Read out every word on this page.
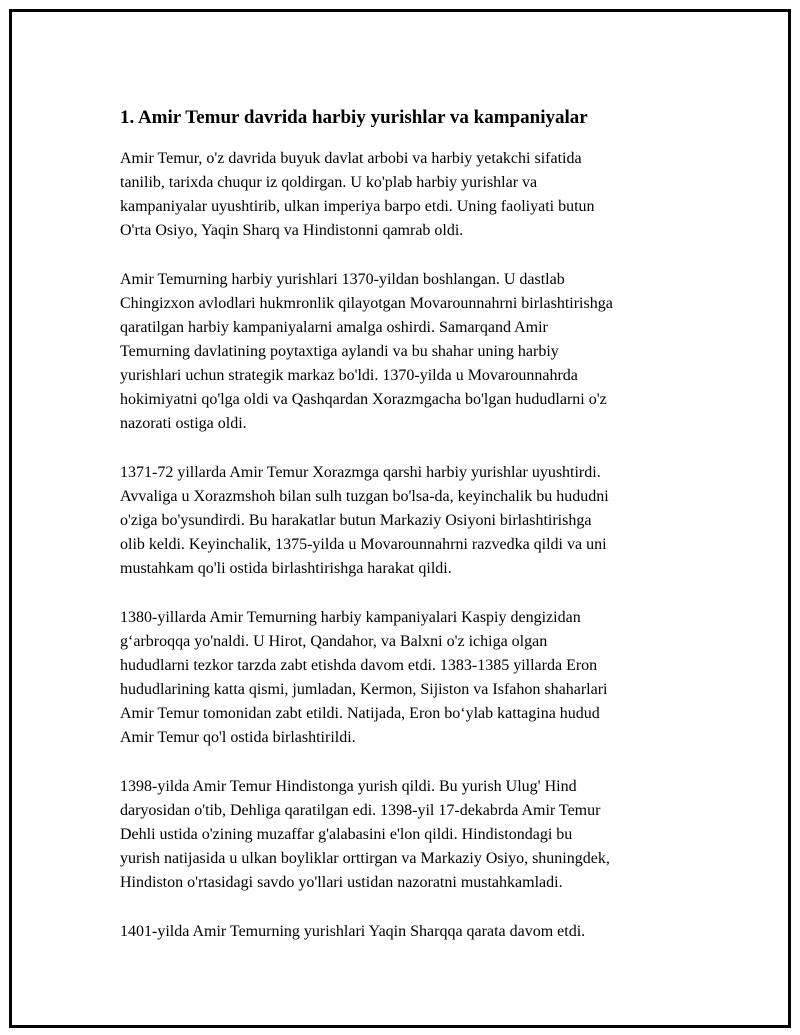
1. Amir Temur davrida harbiy yurishlar va kampaniyalar
Amir Temur, o'z davrida buyuk davlat arbobi va harbiy yetakchi sifatida
tanilib, tarixda chuqur iz qoldirgan. U ko'plab harbiy yurishlar va
kampaniyalar uyushtirib, ulkan imperiya barpo etdi. Uning faoliyati butun
O'rta Osiyo, Yaqin Sharq va Hindistonni qamrab oldi.
Amir Temurning harbiy yurishlari 1370-yildan boshlangan. U dastlab
Chingizxon avlodlari hukmronlik qilayotgan Movarounnahrni birlashtirishga
qaratilgan harbiy kampaniyalarni amalga oshirdi. Samarqand Amir
Temurning davlatining poytaxtiga aylandi va bu shahar uning harbiy
yurishlari uchun strategik markaz bo'ldi. 1370-yilda u Movarounnahrda
hokimiyatni qo'lga oldi va Qashqardan Xorazmgacha bo'lgan hududlarni o'z
nazorati ostiga oldi.
1371-72 yillarda Amir Temur Xorazmga qarshi harbiy yurishlar uyushtirdi.
Avvaliga u Xorazmshoh bilan sulh tuzgan bo'lsa-da, keyinchalik bu hududni
o'ziga bo'ysundirdi. Bu harakatlar butun Markaziy Osiyoni birlashtirishga
olib keldi. Keyinchalik, 1375-yilda u Movarounnahrni razvedka qildi va uni
mustahkam qo'li ostida birlashtirishga harakat qildi.
1380-yillarda Amir Temurning harbiy kampaniyalari Kaspiy dengizidan
g‘arbroqqa yo'naldi. U Hirot, Qandahor, va Balxni o'z ichiga olgan
hududlarni tezkor tarzda zabt etishda davom etdi. 1383-1385 yillarda Eron
hududlarining katta qismi, jumladan, Kermon, Sijiston va Isfahon shaharlari
Amir Temur tomonidan zabt etildi. Natijada, Eron bo‘ylab kattagina hudud
Amir Temur qo'l ostida birlashtirildi.
1398-yilda Amir Temur Hindistonga yurish qildi. Bu yurish Ulug' Hind
daryosidan o'tib, Dehliga qaratilgan edi. 1398-yil 17-dekabrda Amir Temur
Dehli ustida o'zining muzaffar g'alabasini e'lon qildi. Hindistondagi bu
yurish natijasida u ulkan boyliklar orttirgan va Markaziy Osiyo, shuningdek,
Hindiston o'rtasidagi savdo yo'llari ustidan nazoratni mustahkamladi.
1401-yilda Amir Temurning yurishlari Yaqin Sharqqa qarata davom etdi.
